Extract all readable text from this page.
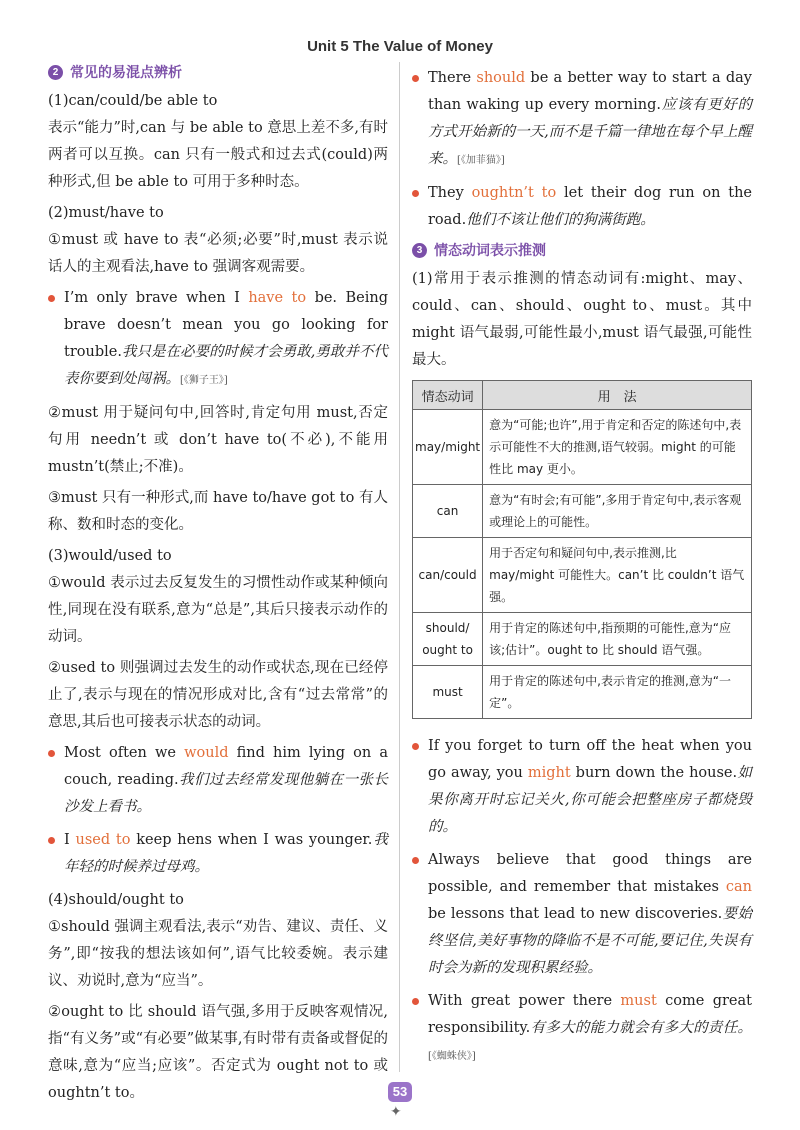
Unit 5 The Value of Money
2 常见的易混点辨析
(1)can/could/be able to

表示“能力”时,can 与 be able to 意思上差不多,有时两者可以互换。can 只有一般式和过去式(could)两种形式,但 be able to 可用于多种时态。

(2)must/have to

①must 或 have to 表“必须;必要”时,must 表示说话人的主观看法,have to 强调客观需要。

I’m only brave when I have to be. Being brave doesn’t mean you go looking for trouble.我只是在必要的时候才会勇敢,勇敢并不代表你要到处闯祸。[《狮子王》]

②must 用于疑问句中,回答时,肯定句用 must,否定句用 needn’t 或 don’t have to(不必),不能用 mustn’t(禁止;不准)。

③must 只有一种形式,而 have to/have got to 有人称、数和时态的变化。

(3)would/used to

①would 表示过去反复发生的习惯性动作或某种倾向性,同现在没有联系,意为“总是”,其后只接表示动作的动词。

②used to 则强调过去发生的动作或状态,现在已经停止了,表示与现在的情况形成对比,含有“过去常常”的意思,其后也可接表示状态的动词。

Most often we would find him lying on a couch, reading.我们过去经常发现他躺在一张长沙发上看书。
I used to keep hens when I was younger.我年轻的时候养过母鸡。
(4)should/ought to

①should 强调主观看法,表示“劝告、建议、责任、义务”,即“按我的想法该如何”,语气比较委婉。表示建议、劝说时,意为“应当”。

②ought to 比 should 语气强,多用于反映客观情况,指“有义务”或“有必要”做某事,有时带有责备或督促的意味,意为“应当;应该”。否定式为 ought not to 或 oughtn’t to。

There should be a better way to start a day than waking up every morning.应该有更好的方式开始新的一天,而不是千篇一律地在每个早上醒来。[《加菲猫》]
They oughtn’t to let their dog run on the road.他们不该让他们的狗满街跑。
3 情态动词表示推测

(1)常用于表示推测的情态动词有:might、may、could、can、should、ought to、must。其中 might 语气最弱,可能性最小,must 语气最强,可能性最大。

情态动词	用　法
may/might	意为“可能;也许”,用于肯定和否定的陈述句中,表示可能性不大的推测,语气较弱。might 的可能性比 may 更小。
can	意为“有时会;有可能”,多用于肯定句中,表示客观或理论上的可能性。
can/could	用于否定句和疑问句中,表示推测,比 may/might 可能性大。can’t 比 couldn’t 语气强。
should/ ought to	用于肯定的陈述句中,指预期的可能性,意为“应该;估计”。ought to 比 should 语气强。
must	用于肯定的陈述句中,表示肯定的推测,意为“一定”。
If you forget to turn off the heat when you go away, you might burn down the house.如果你离开时忘记关火,你可能会把整座房子都烧毁的。
Always believe that good things are possible, and remember that mistakes can be lessons that lead to new discoveries.要始终坚信,美好事物的降临不是不可能,要记住,失误有时会为新的发现积累经验。
With great power there must come great responsibility.有多大的能力就会有多大的责任。[《蜘蛛侠》]
53
✦
